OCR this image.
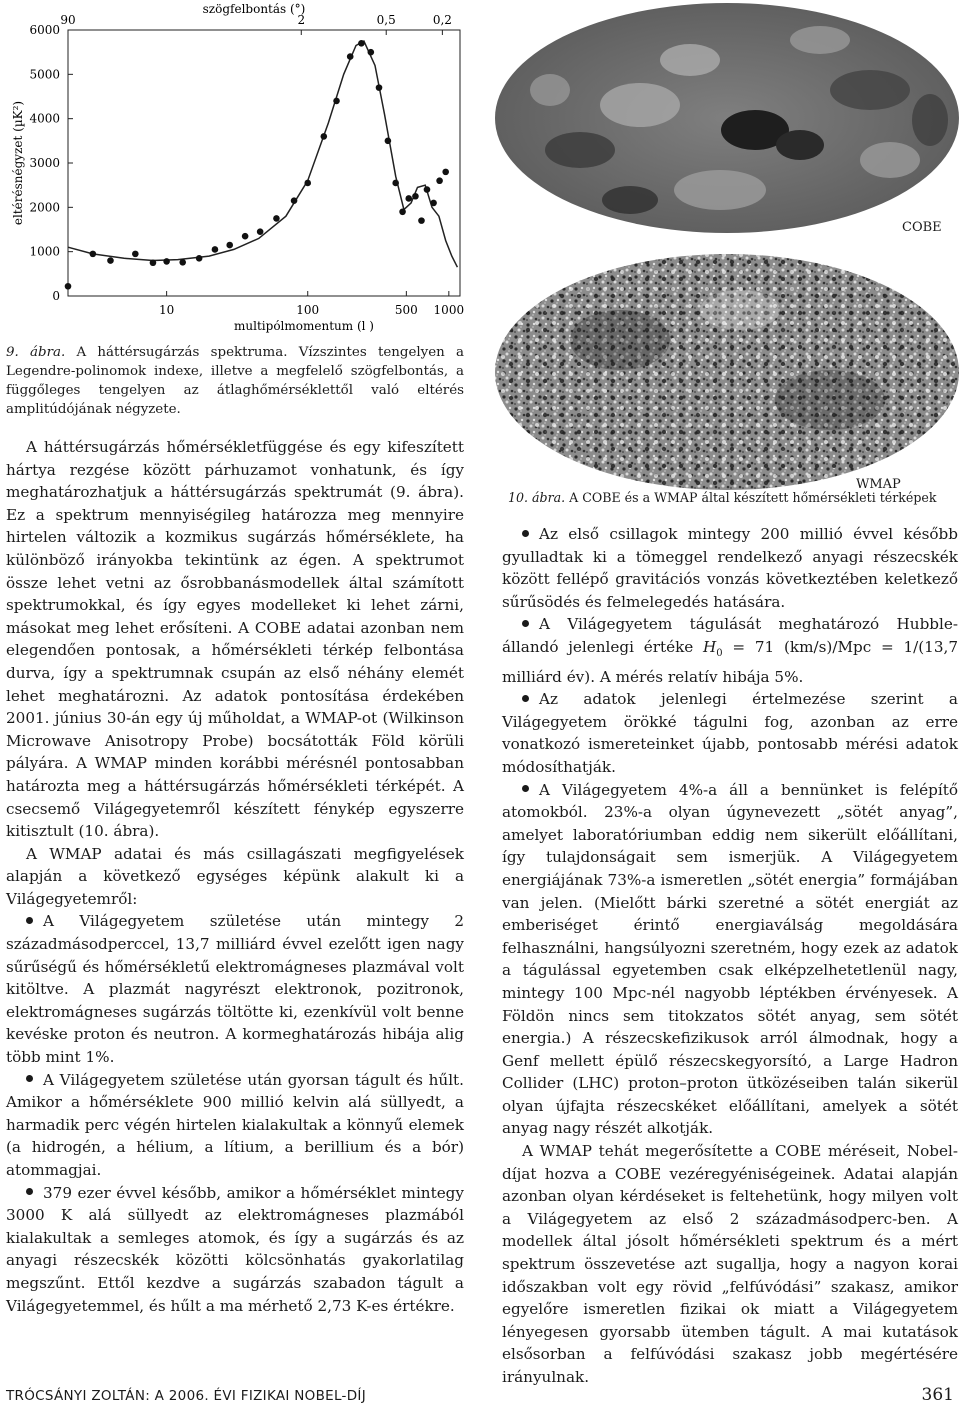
0
1000
2000
3000
4000
5000
6000
10	100	500 1000
90	2	0,5	0,2
szögfelbontás (°)
multipólmomentum (l )
eltérésnégyzet (µK²)
9. ábra. A háttérsugárzás spektruma. Vízszintes tengelyen a Legendre-polinomok indexe, illetve a megfelelő szögfelbontás, a függőleges tengelyen az átlaghőmérséklettől való eltérés amplitúdójának négyzete.
COBE
WMAP
10. ábra. A COBE és a WMAP által készített hőmérsékleti térképek

A háttérsugárzás hőmérsékletfüggése és egy kifeszített hártya rezgése között párhuzamot vonhatunk, és így meghatározhatjuk a háttérsugárzás spektrumát (9. ábra). Ez a spektrum mennyiségileg határozza meg mennyire hirtelen változik a kozmikus sugárzás hőmérséklete, ha különböző irányokba tekintünk az égen. A spektrumot össze lehet vetni az ősrobbanásmodellek által számított spektrumokkal, és így egyes modelleket ki lehet zárni, másokat meg lehet erősíteni. A COBE adatai azonban nem elegendően pontosak, a hőmérsékleti térkép felbontása durva, így a spektrumnak csupán az első néhány elemét lehet meghatározni. Az adatok pontosítása érdekében 2001. június 30-án egy új műholdat, a WMAP-ot (Wilkinson Microwave Anisotropy Probe) bocsátották Föld körüli pályára. A WMAP minden korábbi mérésnél pontosabban határozta meg a háttérsugárzás hőmérsékleti térképét. A csecsemő Világegyetemről készített fénykép egyszerre kitisztult (10. ábra).

A WMAP adatai és más csillagászati megfigyelések alapján a következő egységes képünk alakult ki a Világegyetemről:

A Világegyetem születése után mintegy 2 századmásodperccel, 13,7 milliárd évvel ezelőtt igen nagy sűrűségű és hőmérsékletű elektromágneses plazmával volt kitöltve. A plazmát nagyrészt elektronok, pozitronok, elektromágneses sugárzás töltötte ki, ezenkívül volt benne kevéske proton és neutron. A kormeghatározás hibája alig több mint 1%.

A Világegyetem születése után gyorsan tágult és hűlt. Amikor a hőmérséklete 900 millió kelvin alá süllyedt, a harmadik perc végén hirtelen kialakultak a könnyű elemek (a hidrogén, a hélium, a lítium, a berillium és a bór) atommagjai.

379 ezer évvel később, amikor a hőmérséklet mintegy 3000 K alá süllyedt az elektromágneses plazmából kialakultak a semleges atomok, és így a sugárzás és az anyagi részecskék közötti kölcsönhatás gyakorlatilag megszűnt. Ettől kezdve a sugárzás szabadon tágult a Világegyetemmel, és hűlt a ma mérhető 2,73 K-es értékre.

Az első csillagok mintegy 200 millió évvel később gyulladtak ki a tömeggel rendelkező anyagi részecskék között fellépő gravitációs vonzás következtében keletkező sűrűsödés és felmelegedés hatására.

A Világegyetem tágulását meghatározó Hubble-állandó jelenlegi értéke $H_0 = 71$ (km/s)/Mpc = 1/(13,7 milliárd év). A mérés relatív hibája 5%.

Az adatok jelenlegi értelmezése szerint a Világegyetem örökké tágulni fog, azonban az erre vonatkozó ismereteinket újabb, pontosabb mérési adatok módosíthatják.

A Világegyetem 4%-a áll a bennünket is felépítő atomokból. 23%-a olyan úgynevezett „sötét anyag”, amelyet laboratóriumban eddig nem sikerült előállítani, így tulajdonságait sem ismerjük. A Világegyetem energiájának 73%-a ismeretlen „sötét energia” formájában van jelen. (Mielőtt bárki szeretné a sötét energiát az emberiséget érintő energiaválság megoldására felhasználni, hangsúlyozni szeretném, hogy ezek az adatok a tágulással egyetemben csak elképzelhetetlenül nagy, mintegy 100 Mpc-nél nagyobb léptékben érvényesek. A Földön nincs sem titokzatos sötét anyag, sem sötét energia.) A részecskefizikusok arról álmodnak, hogy a Genf mellett épülő részecskegyorsító, a Large Hadron Collider (LHC) proton–proton ütközéseiben talán sikerül olyan újfajta részecskéket előállítani, amelyek a sötét anyag nagy részét alkotják.

A WMAP tehát megerősítette a COBE méréseit, Nobel-díjat hozva a COBE vezéregyéniségeinek. Adatai alapján azonban olyan kérdéseket is feltehetünk, hogy milyen volt a Világegyetem az első 2 századmásodperc-ben. A modellek által jósolt hőmérsékleti spektrum és a mért spektrum összevetése azt sugallja, hogy a nagyon korai időszakban volt egy rövid „felfúvódási” szakasz, amikor egyelőre ismeretlen fizikai ok miatt a Világegyetem lényegesen gyorsabb ütemben tágult. A mai kutatások elsősorban a felfúvódási szakasz jobb megértésére irányulnak.

TRÓCSÁNYI ZOLTÁN: A 2006. ÉVI FIZIKAI NOBEL-DÍJ	361
